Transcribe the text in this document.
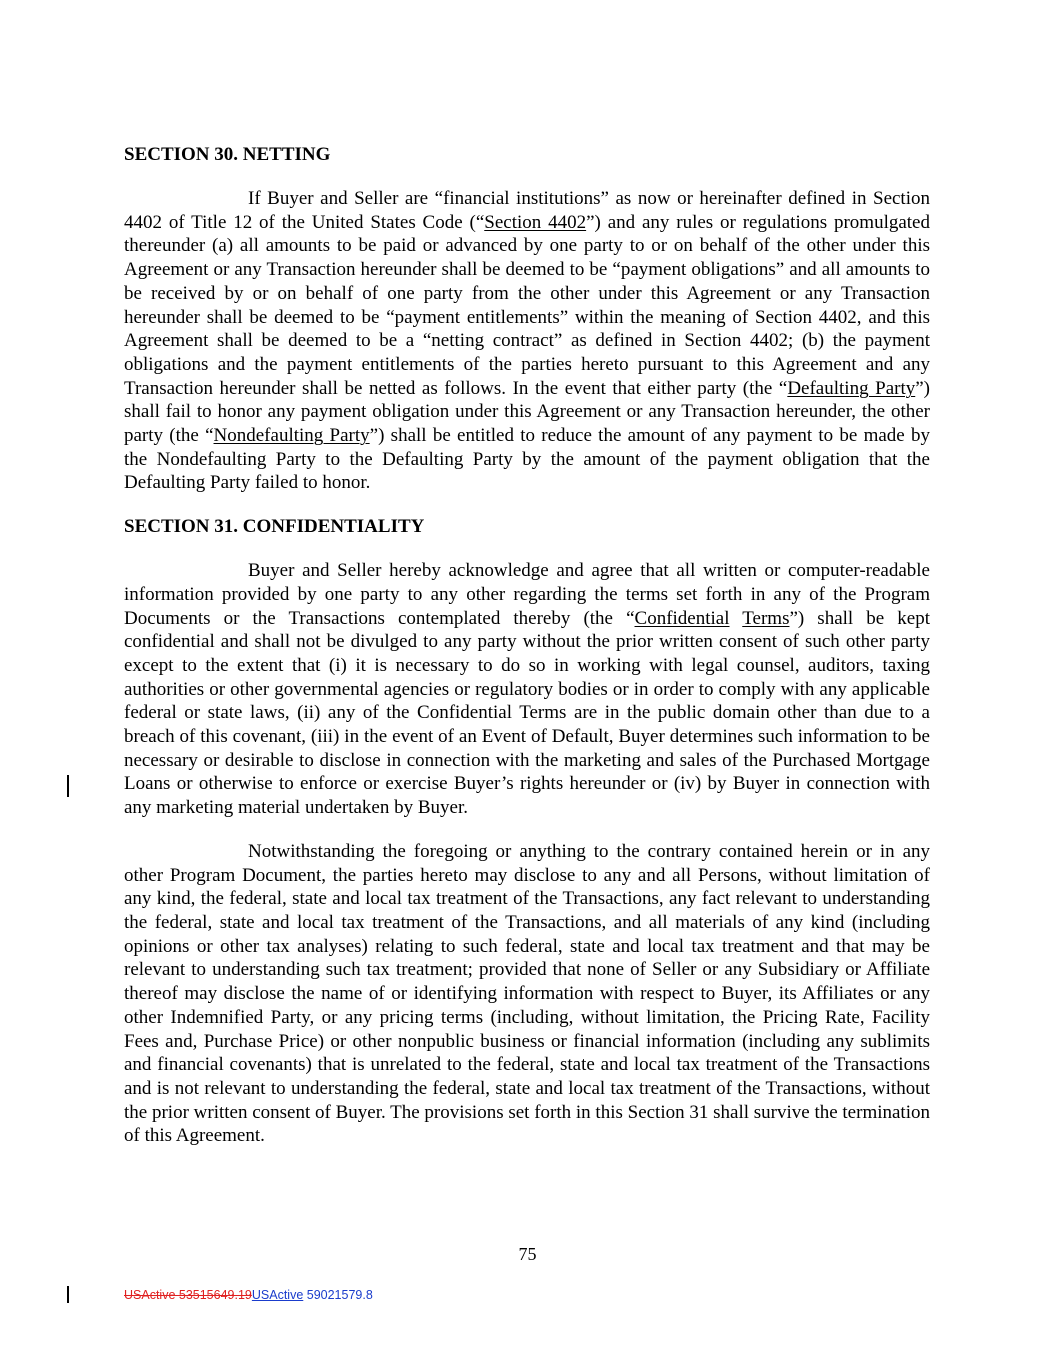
SECTION 30. NETTING

If Buyer and Seller are “financial institutions” as now or hereinafter defined in Section 4402 of Title 12 of the United States Code (“Section 4402”) and any rules or regulations promulgated thereunder (a) all amounts to be paid or advanced by one party to or on behalf of the other under this Agreement or any Transaction hereunder shall be deemed to be “payment obligations” and all amounts to be received by or on behalf of one party from the other under this Agreement or any Transaction hereunder shall be deemed to be “payment entitlements” within the meaning of Section 4402, and this Agreement shall be deemed to be a “netting contract” as defined in Section 4402; (b) the payment obligations and the payment entitlements of the parties hereto pursuant to this Agreement and any Transaction hereunder shall be netted as follows. In the event that either party (the “Defaulting Party”) shall fail to honor any payment obligation under this Agreement or any Transaction hereunder, the other party (the “Nondefaulting Party”) shall be entitled to reduce the amount of any payment to be made by the Nondefaulting Party to the Defaulting Party by the amount of the payment obligation that the Defaulting Party failed to honor.

SECTION 31. CONFIDENTIALITY

Buyer and Seller hereby acknowledge and agree that all written or computer-readable information provided by one party to any other regarding the terms set forth in any of the Program Documents or the Transactions contemplated thereby (the “Confidential Terms”) shall be kept confidential and shall not be divulged to any party without the prior written consent of such other party except to the extent that (i) it is necessary to do so in working with legal counsel, auditors, taxing authorities or other governmental agencies or regulatory bodies or in order to comply with any applicable federal or state laws, (ii) any of the Confidential Terms are in the public domain other than due to a breach of this covenant, (iii) in the event of an Event of Default, Buyer determines such information to be necessary or desirable to disclose in connection with the marketing and sales of the Purchased Mortgage Loans or otherwise to enforce or exercise Buyer’s rights hereunder or (iv) by Buyer in connection with any marketing material undertaken by Buyer.

Notwithstanding the foregoing or anything to the contrary contained herein or in any other Program Document, the parties hereto may disclose to any and all Persons, without limitation of any kind, the federal, state and local tax treatment of the Transactions, any fact relevant to understanding the federal, state and local tax treatment of the Transactions, and all materials of any kind (including opinions or other tax analyses) relating to such federal, state and local tax treatment and that may be relevant to understanding such tax treatment; provided that none of Seller or any Subsidiary or Affiliate thereof may disclose the name of or identifying information with respect to Buyer, its Affiliates or any other Indemnified Party, or any pricing terms (including, without limitation, the Pricing Rate, Facility Fees and, Purchase Price) or other nonpublic business or financial information (including any sublimits and financial covenants) that is unrelated to the federal, state and local tax treatment of the Transactions and is not relevant to understanding the federal, state and local tax treatment of the Transactions, without the prior written consent of Buyer. The provisions set forth in this Section 31 shall survive the termination of this Agreement.

75
USActive 53515649.19USActive 59021579.8
